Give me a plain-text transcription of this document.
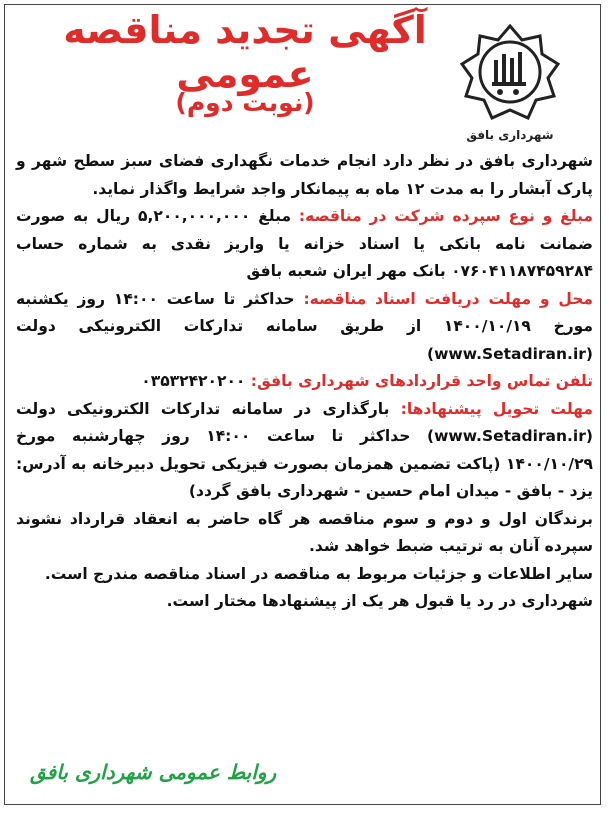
شهرداری بافق
آگهی تجدید مناقصه عمومی
(نوبت دوم)

شهرداری بافق در نظر دارد انجام خدمات نگهداری فضای سبز سطح شهر و پارک آبشار را به مدت ۱۲ ماه به پیمانکار واجد شرایط واگذار نماید.

مبلغ و نوع سپرده شرکت در مناقصه: مبلغ ۵,۲۰۰,۰۰۰,۰۰۰ ریال به صورت ضمانت نامه بانکی یا اسناد خزانه یا واریز نقدی به شماره حساب ۰۷۶۰۴۱۱۸۷۴۵۹۲۸۴ بانک مهر ایران شعبه بافق

محل و مهلت دریافت اسناد مناقصه: حداکثر تا ساعت ۱۴:۰۰ روز یکشنبه مورخ ۱۴۰۰/۱۰/۱۹ از طریق سامانه تدارکات الکترونیکی دولت (www.Setadiran.ir)

تلفن تماس واحد قراردادهای شهرداری بافق: ۰۳۵۳۲۴۲۰۲۰۰

مهلت تحویل پیشنهادها: بارگذاری در سامانه تدارکات الکترونیکی دولت (www.Setadiran.ir) حداکثر تا ساعت ۱۴:۰۰ روز چهارشنبه مورخ ۱۴۰۰/۱۰/۲۹ (پاکت تضمین همزمان بصورت فیزیکی تحویل دبیرخانه به آدرس: یزد - بافق - میدان امام حسین - شهرداری بافق گردد)

برندگان اول و دوم و سوم مناقصه هر گاه حاضر به انعقاد قرارداد نشوند سپرده آنان به ترتیب ضبط خواهد شد.

سایر اطلاعات و جزئیات مربوط به مناقصه در اسناد مناقصه مندرج است.

شهرداری در رد یا قبول هر یک از پیشنهادها مختار است.

روابط عمومی شهرداری بافق
